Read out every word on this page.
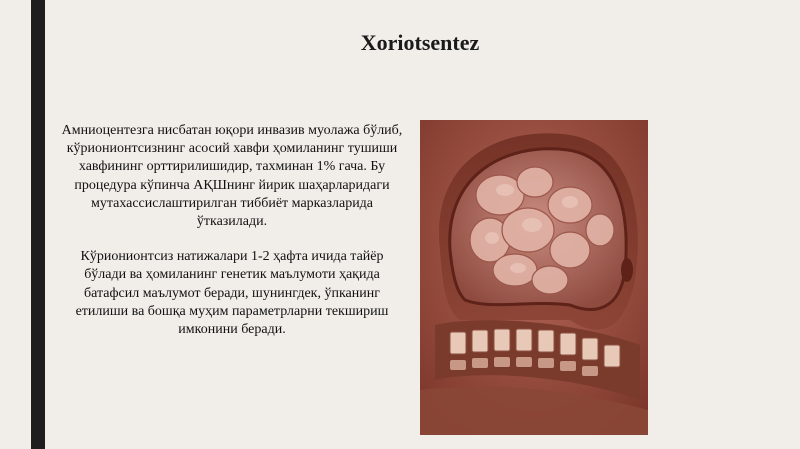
Xoriotsentez

Амниоцентезга нисбатан юқори инвазив муолажа бўлиб, кўрионионтсизнинг асосий хавфи ҳомиланинг тушиши хавфининг орттирилишидир, тахминан 1% гача. Бу процедура кўпинча АҚШнинг йирик шаҳарларидаги мутахассислаштирилган тиббиёт марказларида ўтказилади.

Кўрионионтсиз натижалари 1-2 ҳафта ичида тайёр бўлади ва ҳомиланинг генетик маълумоти ҳақида батафсил маълумот беради, шунингдек, ўпканинг етилиши ва бошқа муҳим параметрларни текшириш имконини беради.
